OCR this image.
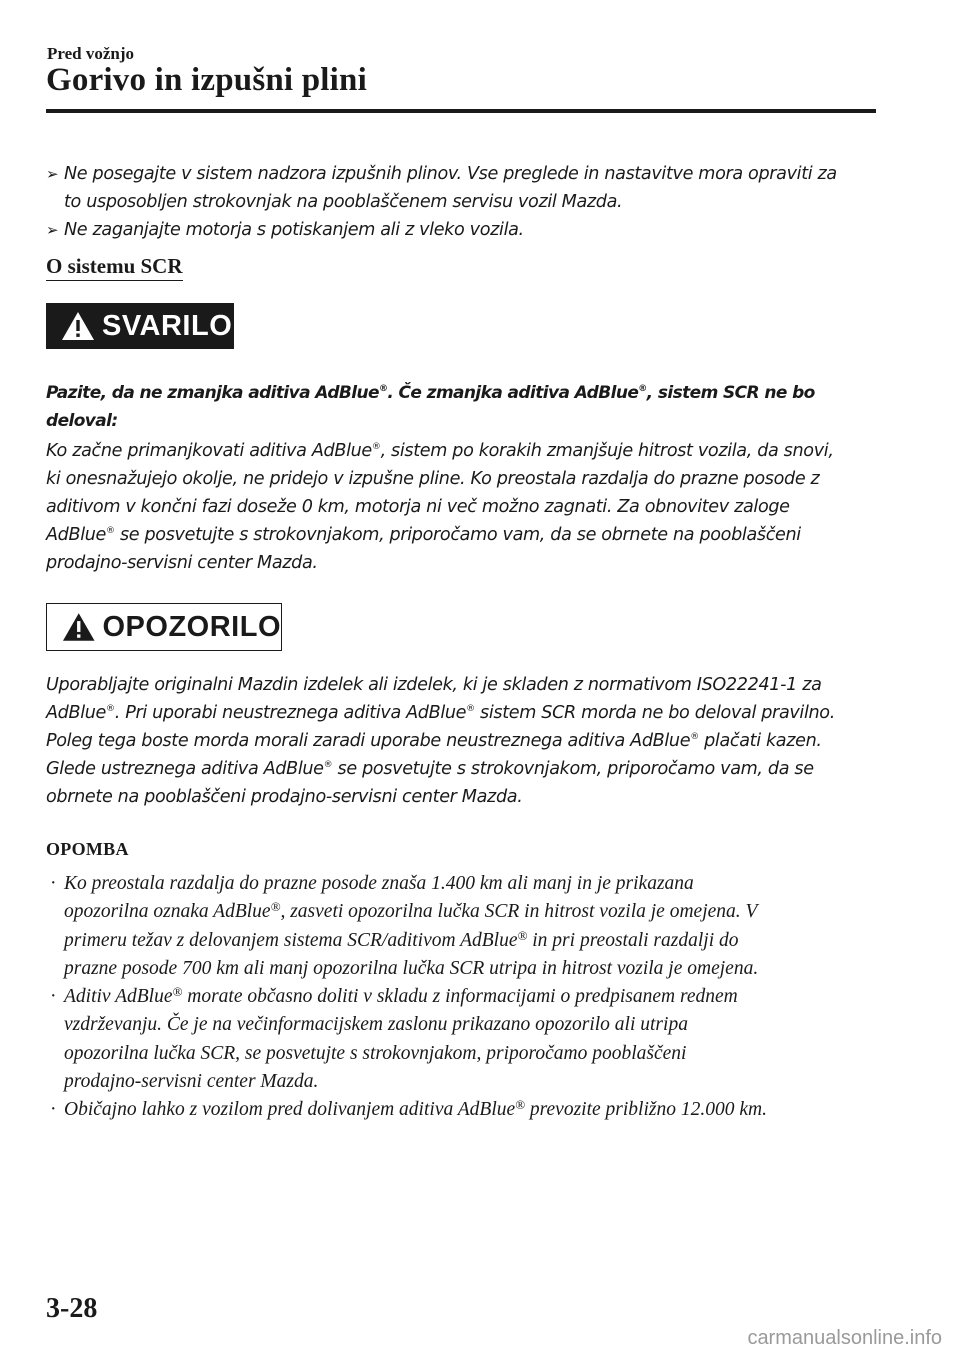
Pred vožnjo
Gorivo in izpušni plini
➢ Ne posegajte v sistem nadzora izpušnih plinov. Vse preglede in nastavitve mora opraviti za
to usposobljen strokovnjak na pooblaščenem servisu vozil Mazda.
➢ Ne zaganjajte motorja s potiskanjem ali z vleko vozila.
O sistemu SCR
SVARILO
Pazite, da ne zmanjka aditiva AdBlue®. Če zmanjka aditiva AdBlue®, sistem SCR ne bo deloval:
Ko začne primanjkovati aditiva AdBlue®, sistem po korakih zmanjšuje hitrost vozila, da snovi,
ki onesnažujejo okolje, ne pridejo v izpušne pline. Ko preostala razdalja do prazne posode z
aditivom v končni fazi doseže 0 km, motorja ni več možno zagnati. Za obnovitev zaloge
AdBlue® se posvetujte s strokovnjakom, priporočamo vam, da se obrnete na pooblaščeni
prodajno-servisni center Mazda.
OPOZORILO
Uporabljajte originalni Mazdin izdelek ali izdelek, ki je skladen z normativom ISO22241-1 za
AdBlue®. Pri uporabi neustreznega aditiva AdBlue® sistem SCR morda ne bo deloval pravilno.
Poleg tega boste morda morali zaradi uporabe neustreznega aditiva AdBlue® plačati kazen.
Glede ustreznega aditiva AdBlue® se posvetujte s strokovnjakom, priporočamo vam, da se
obrnete na pooblaščeni prodajno-servisni center Mazda.
OPOMBA
· Ko preostala razdalja do prazne posode znaša 1.400 km ali manj in je prikazana
opozorilna oznaka AdBlue®, zasveti opozorilna lučka SCR in hitrost vozila je omejena. V
primeru težav z delovanjem sistema SCR/aditivom AdBlue® in pri preostali razdalji do
prazne posode 700 km ali manj opozorilna lučka SCR utripa in hitrost vozila je omejena.
· Aditiv AdBlue® morate občasno doliti v skladu z informacijami o predpisanem rednem
vzdrževanju. Če je na večinformacijskem zaslonu prikazano opozorilo ali utripa
opozorilna lučka SCR, se posvetujte s strokovnjakom, priporočamo pooblaščeni
prodajno-servisni center Mazda.
· Običajno lahko z vozilom pred dolivanjem aditiva AdBlue® prevozite približno 12.000 km.
3-28
carmanualsonline.info
